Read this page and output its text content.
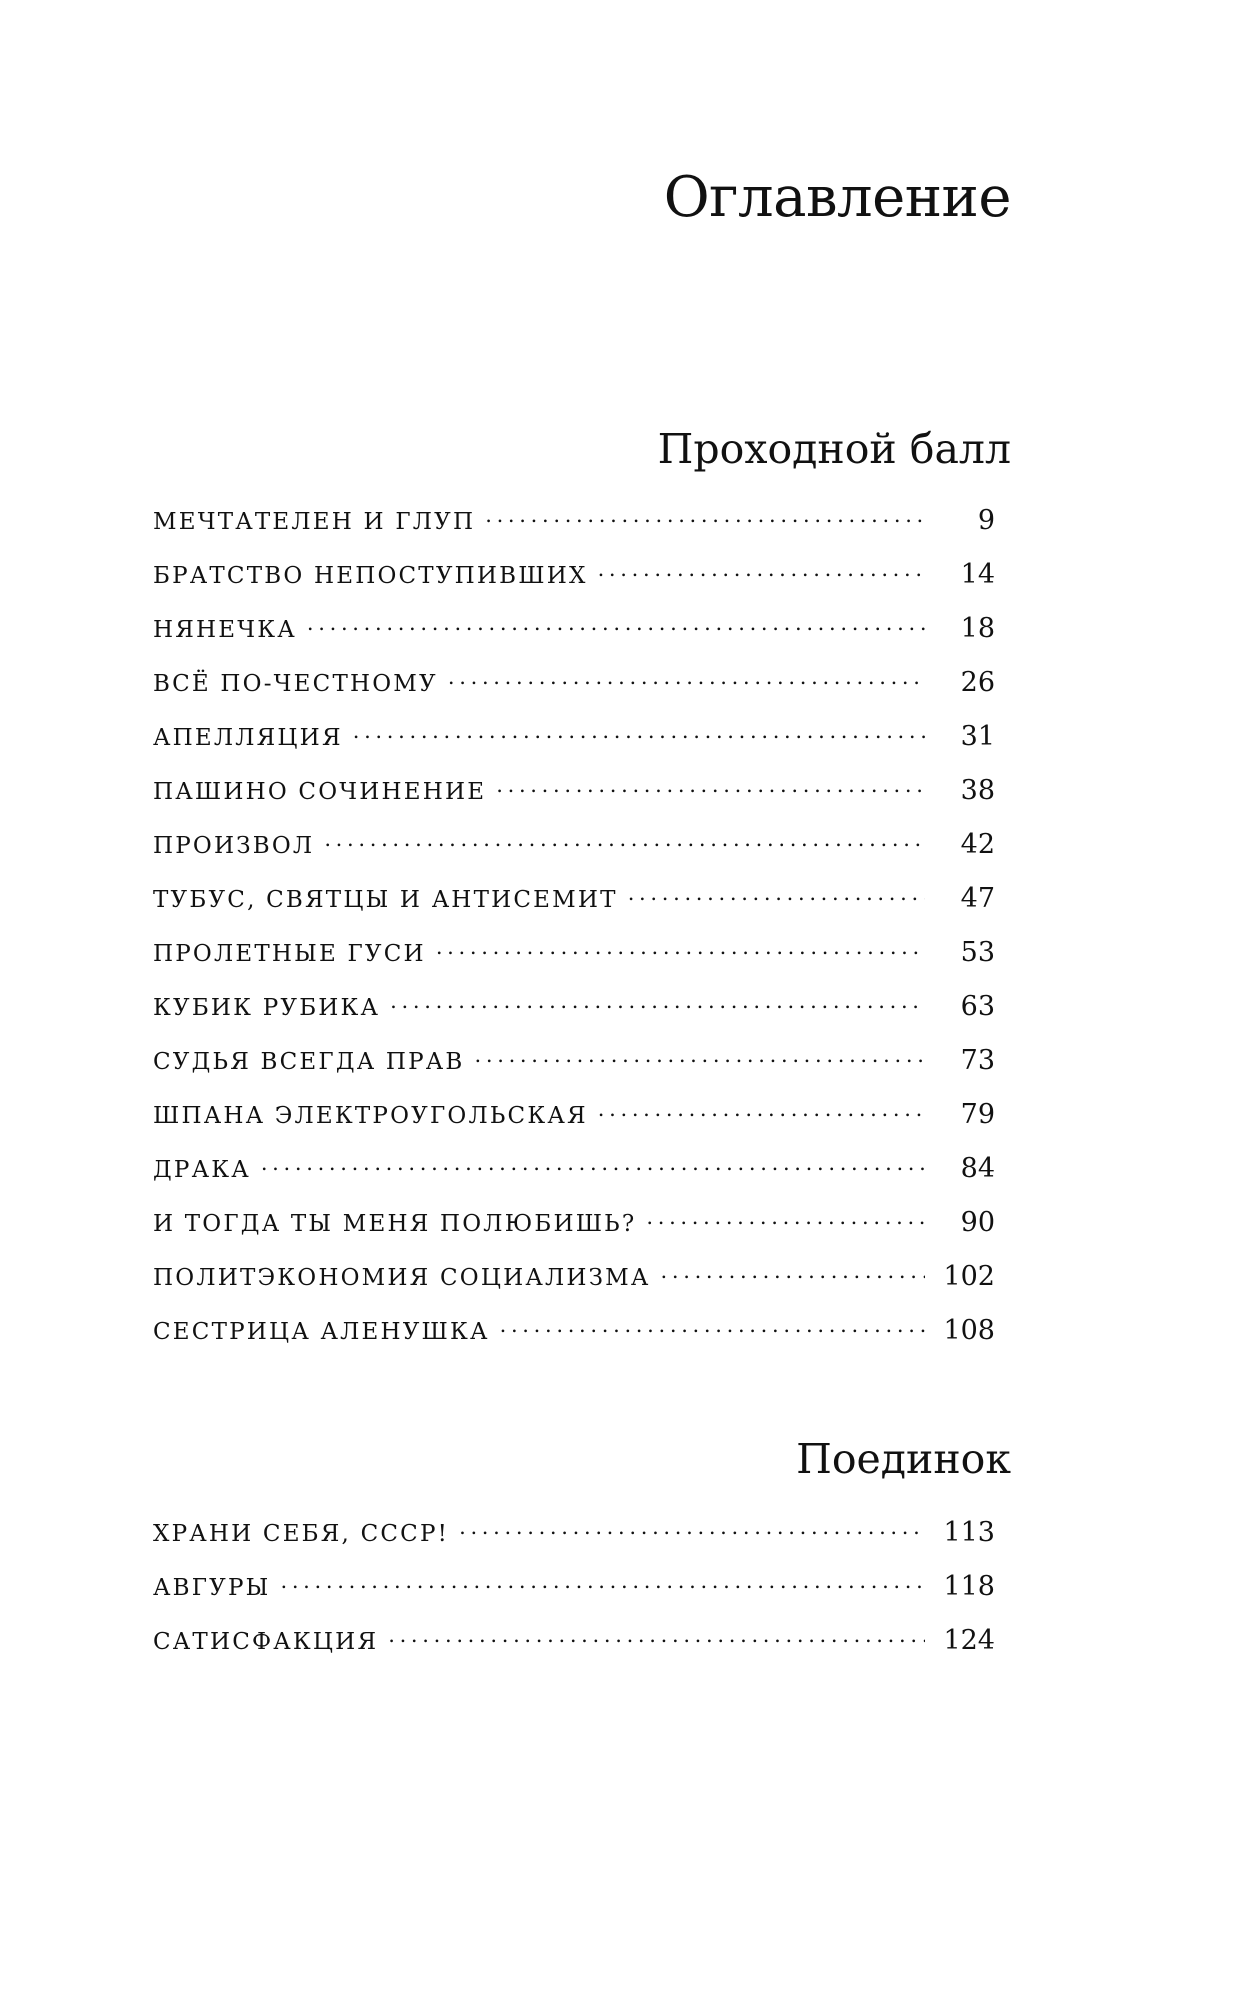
Оглавление
Проходной балл
МЕЧТАТЕЛЕН И ГЛУП . . .	9
БРАТСТВО НЕПОСТУПИВШИХ . . .	14
НЯНЕЧКА . . .	18
ВСЁ ПО-ЧЕСТНОМУ . . .	26
АПЕЛЛЯЦИЯ . . .	31
ПАШИНО СОЧИНЕНИЕ . . .	38
ПРОИЗВОЛ . . .	42
ТУБУС, СВЯТЦЫ И АНТИСЕМИТ . . .	47
ПРОЛЕТНЫЕ ГУСИ . . .	53
КУБИК РУБИКА . . .	63
СУДЬЯ ВСЕГДА ПРАВ . . .	73
ШПАНА ЭЛЕКТРОУГОЛЬСКАЯ . . .	79
ДРАКА . . .	84
И ТОГДА ТЫ МЕНЯ ПОЛЮБИШЬ? . . .	90
ПОЛИТЭКОНОМИЯ СОЦИАЛИЗМА . . .	102
СЕСТРИЦА АЛЕНУШКА . . .	108
Поединок
ХРАНИ СЕБЯ, СССР! . . .	113
АВГУРЫ . . .	118
САТИСФАКЦИЯ . . .	124
